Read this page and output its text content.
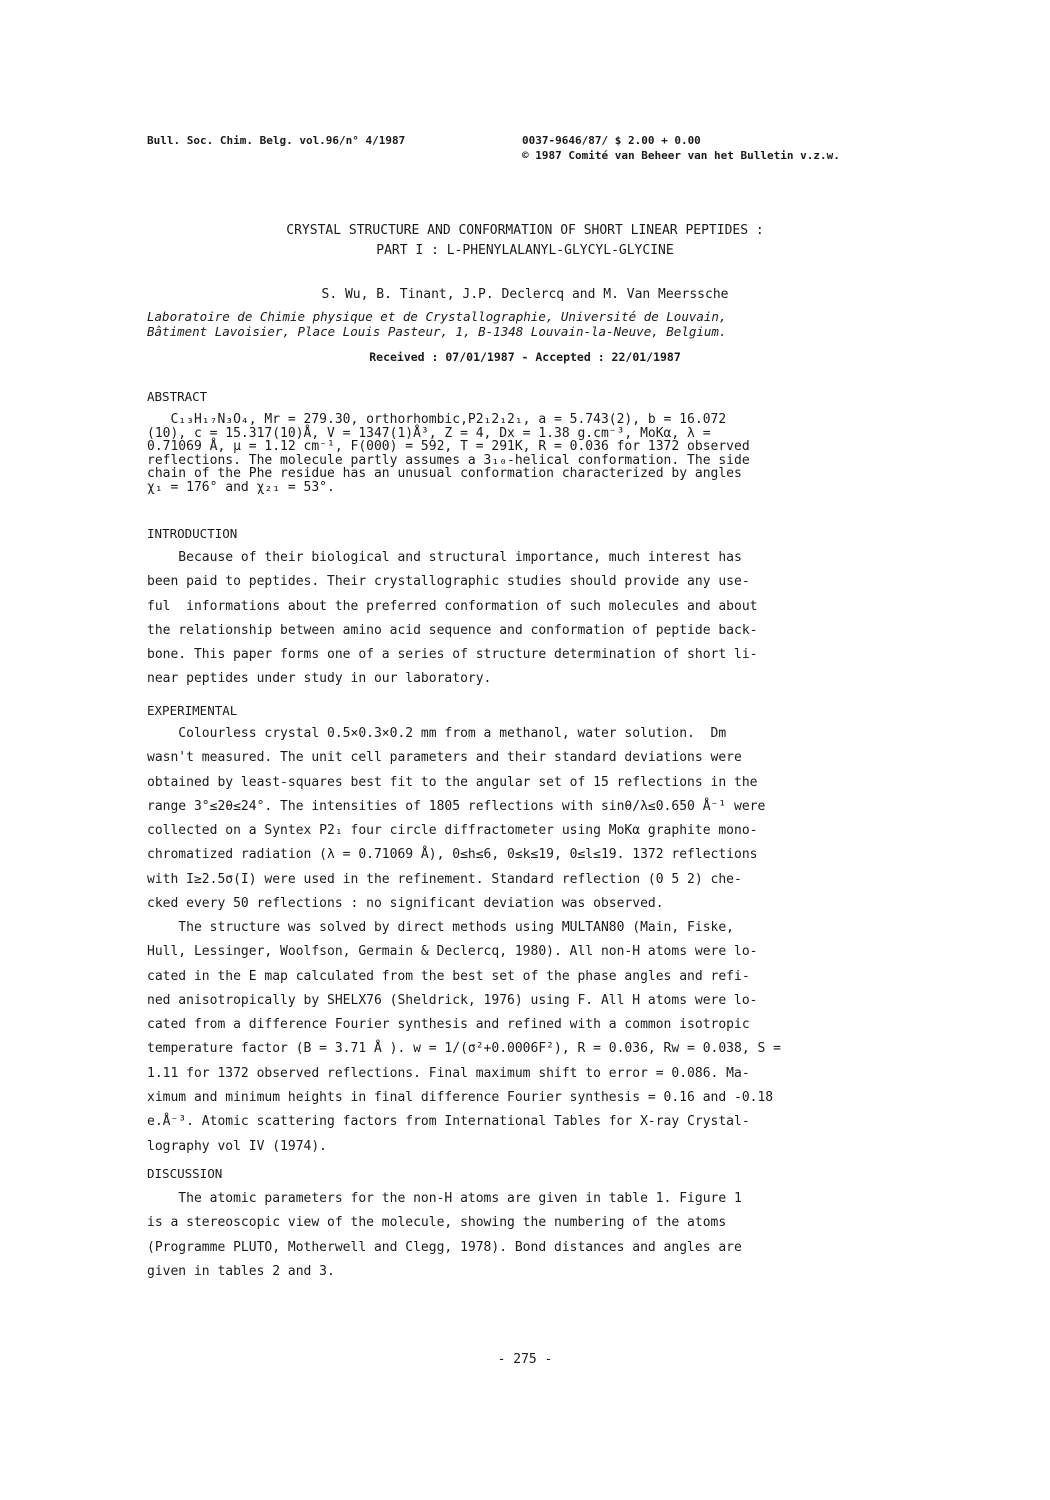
Bull. Soc. Chim. Belg. vol.96/n° 4/1987	0037-9646/87/ $ 2.00 + 0.00
© 1987 Comité van Beheer van het Bulletin v.z.w.
CRYSTAL STRUCTURE AND CONFORMATION OF SHORT LINEAR PEPTIDES :
PART I : L-PHENYLALANYL-GLYCYL-GLYCINE
S. Wu, B. Tinant, J.P. Declercq and M. Van Meerssche
Laboratoire de Chimie physique et de Crystallographie, Université de Louvain,
Bâtiment Lavoisier, Place Louis Pasteur, 1, B-1348 Louvain-la-Neuve, Belgium.
Received : 07/01/1987 - Accepted : 22/01/1987
ABSTRACT
C₁₃H₁₇N₃O₄, Mr = 279.30, orthorhombic,P2₁2₁2₁, a = 5.743(2), b = 16.072
(10), c = 15.317(10)Å, V = 1347(1)Å³, Z = 4, Dx = 1.38 g.cm⁻³, MoKα, λ =
0.71069 Å, μ = 1.12 cm⁻¹, F(000) = 592, T = 291K, R = 0.036 for 1372 observed
reflections. The molecule partly assumes a 3₁₀-helical conformation. The side
chain of the Phe residue has an unusual conformation characterized by angles
χ₁ = 176° and χ₂₁ = 53°.
INTRODUCTION
Because of their biological and structural importance, much interest has
been paid to peptides. Their crystallographic studies should provide any use-
ful  informations about the preferred conformation of such molecules and about
the relationship between amino acid sequence and conformation of peptide back-
bone. This paper forms one of a series of structure determination of short li-
near peptides under study in our laboratory.
EXPERIMENTAL
Colourless crystal 0.5×0.3×0.2 mm from a methanol, water solution.  Dm
wasn't measured. The unit cell parameters and their standard deviations were
obtained by least-squares best fit to the angular set of 15 reflections in the
range 3°≤2θ≤24°. The intensities of 1805 reflections with sinθ/λ≤0.650 Å⁻¹ were
collected on a Syntex P2₁ four circle diffractometer using MoKα graphite mono-
chromatized radiation (λ = 0.71069 Å), 0≤h≤6, 0≤k≤19, 0≤l≤19. 1372 reflections
with I≥2.5σ(I) were used in the refinement. Standard reflection (0 5 2) che-
cked every 50 reflections : no significant deviation was observed.
The structure was solved by direct methods using MULTAN80 (Main, Fiske,
Hull, Lessinger, Woolfson, Germain & Declercq, 1980). All non-H atoms were lo-
cated in the E map calculated from the best set of the phase angles and refi-
ned anisotropically by SHELX76 (Sheldrick, 1976) using F. All H atoms were lo-
cated from a difference Fourier synthesis and refined with a common isotropic
temperature factor (B = 3.71 Å ). w = 1/(σ²+0.0006F²), R = 0.036, Rw = 0.038, S =
1.11 for 1372 observed reflections. Final maximum shift to error = 0.086. Ma-
ximum and minimum heights in final difference Fourier synthesis = 0.16 and -0.18
e.Å⁻³. Atomic scattering factors from International Tables for X-ray Crystal-
lography vol IV (1974).
DISCUSSION
The atomic parameters for the non-H atoms are given in table 1. Figure 1
is a stereoscopic view of the molecule, showing the numbering of the atoms
(Programme PLUTO, Motherwell and Clegg, 1978). Bond distances and angles are
given in tables 2 and 3.
- 275 -
